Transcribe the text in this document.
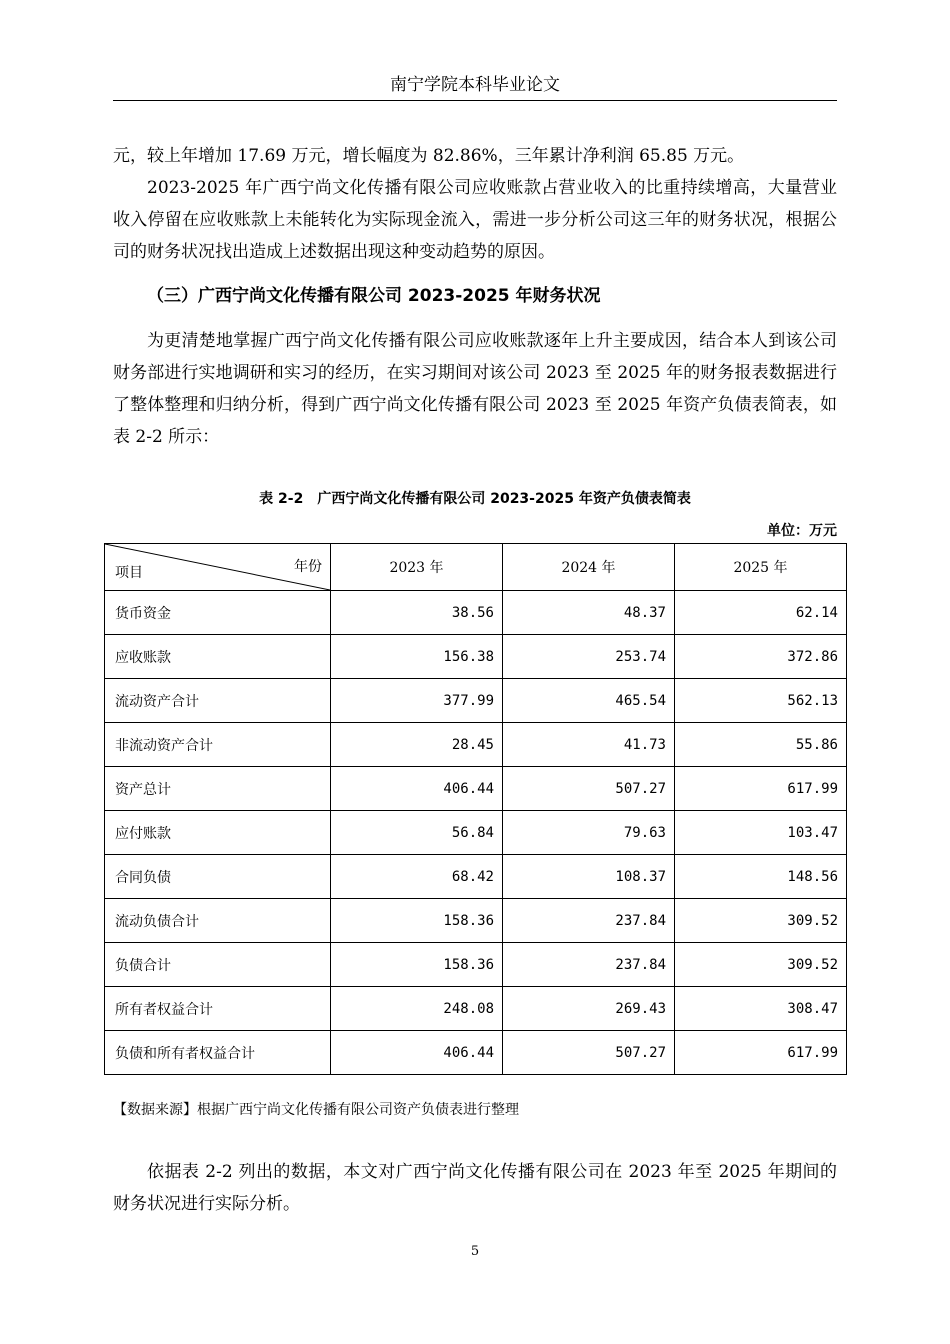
南宁学院本科毕业论文

元，较上年增加 17.69 万元，增长幅度为 82.86%，三年累计净利润 65.85 万元。

2023-2025 年广西宁尚文化传播有限公司应收账款占营业收入的比重持续增高，大量营业收入停留在应收账款上未能转化为实际现金流入，需进一步分析公司这三年的财务状况，根据公司的财务状况找出造成上述数据出现这种变动趋势的原因。

（三）广西宁尚文化传播有限公司 2023-2025 年财务状况

为更清楚地掌握广西宁尚文化传播有限公司应收账款逐年上升主要成因，结合本人到该公司财务部进行实地调研和实习的经历，在实习期间对该公司 2023 至 2025 年的财务报表数据进行了整体整理和归纳分析，得到广西宁尚文化传播有限公司 2023 至 2025 年资产负债表简表，如表 2-2 所示：

表 2-2　广西宁尚文化传播有限公司 2023-2025 年资产负债表简表
单位：万元
项目 年份	2023 年	2024 年	2025 年
货币资金	38.56	48.37	62.14
应收账款	156.38	253.74	372.86
流动资产合计	377.99	465.54	562.13
非流动资产合计	28.45	41.73	55.86
资产总计	406.44	507.27	617.99
应付账款	56.84	79.63	103.47
合同负债	68.42	108.37	148.56
流动负债合计	158.36	237.84	309.52
负债合计	158.36	237.84	309.52
所有者权益合计	248.08	269.43	308.47
负债和所有者权益合计	406.44	507.27	617.99
【数据来源】根据广西宁尚文化传播有限公司资产负债表进行整理

依据表 2-2 列出的数据，本文对广西宁尚文化传播有限公司在 2023 年至 2025 年期间的财务状况进行实际分析。

5
